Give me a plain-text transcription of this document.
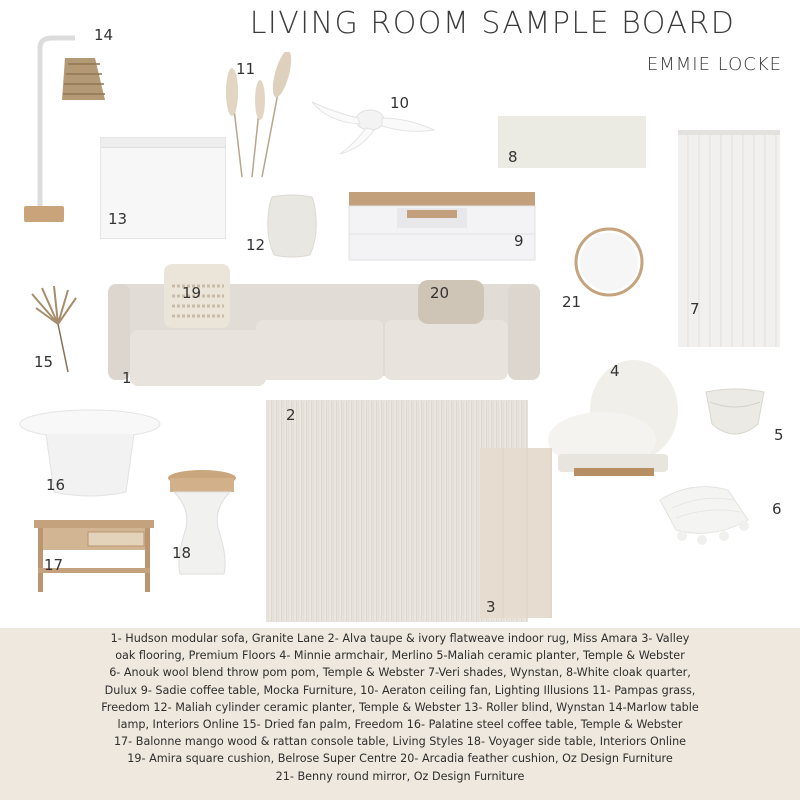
LIVING ROOM SAMPLE BOARD
EMMIE LOCKE
14
11
10
8
13
12	9
21	7
15
1
19	20
4
5
16
2
3
6
17
18
1- Hudson modular sofa, Granite Lane 2- Alva taupe & ivory flatweave indoor rug, Miss Amara 3- Valley
oak flooring, Premium Floors 4- Minnie armchair, Merlino 5-Maliah ceramic planter, Temple & Webster
6- Anouk wool blend throw pom pom, Temple & Webster 7-Veri shades, Wynstan, 8-White cloak quarter,
Dulux 9- Sadie coffee table, Mocka Furniture, 10- Aeraton ceiling fan, Lighting Illusions 11- Pampas grass,
Freedom 12- Maliah cylinder ceramic planter, Temple & Webster 13- Roller blind, Wynstan 14-Marlow table
lamp, Interiors Online 15- Dried fan palm, Freedom 16- Palatine steel coffee table, Temple & Webster
17- Balonne mango wood & rattan console table, Living Styles 18- Voyager side table, Interiors Online
19- Amira square cushion, Belrose Super Centre 20- Arcadia feather cushion, Oz Design Furniture
21- Benny round mirror, Oz Design Furniture
